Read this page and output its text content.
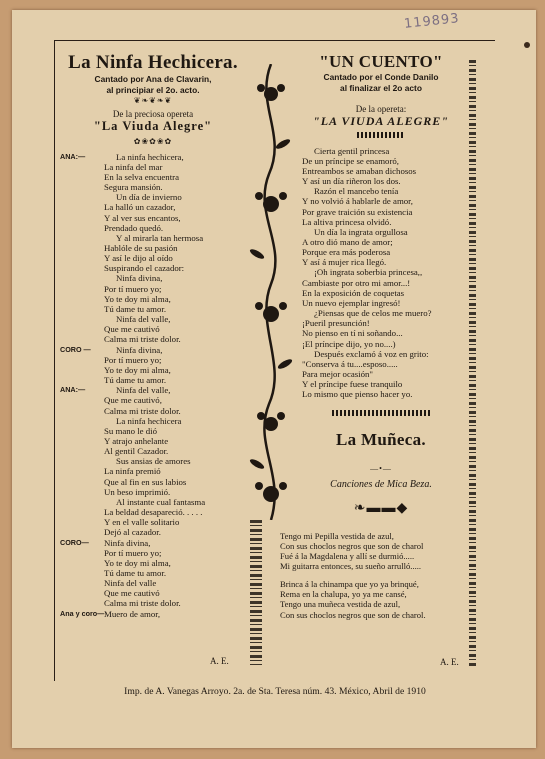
119893
La Ninfa Hechicera.
Cantado por Ana de Clavarin,
al principiar el 2o. acto.
❦❧❦❧❦
De la preciosa opereta
"La Viuda Alegre"
✿❀✿❀✿
ANA:—	La ninfa hechicera,
La ninfa del mar
En la selva encuentra
Segura mansión.
Un día de invierno
La halló un cazador,
Y al ver sus encantos,
Prendado quedó.
Y al mirarla tan hermosa
Hablóle de su pasión
Y así le dijo al oído
Suspirando el cazador:
Ninfa divina,
Por tí muero yo;
Yo te doy mi alma,
Tú dame tu amor.
Ninfa del valle,
Que me cautivó
Calma mi triste dolor.
CORO —	Ninfa divina,
Por tí muero yo;
Yo te doy mi alma,
Tú dame tu amor.
ANA:—	Ninfa del valle,
Que me cautivó,
Calma mi triste dolor.
La ninfa hechicera
Su mano le dió
Y atrajo anhelante
Al gentil Cazador.
Sus ansias de amores
La ninfa premió
Que al fin en sus labios
Un beso imprimió.
Al instante cual fantasma
La beldad desapareció. . . . .
Y en el valle solitario
Dejó al cazador.
CORO— Ninfa divina,
Por tí muero yo;
Yo te doy mi alma,
Tú dame tu amor.
Ninfa del valle
Que me cautivó
Calma mi triste dolor.
Ana y coro— Muero de amor,
A. E.
"UN CUENTO"
Cantado por el Conde Danilo
al finalizar el 2o acto
De la opereta:
"LA VIUDA ALEGRE"
Cierta gentil princesa
De un príncipe se enamoró,
Entreambos se amaban dichosos
Y así un día riñeron los dos.
Razón el mancebo tenía
Y no volvió á hablarle de amor,
Por grave traición su existencia
La altiva princesa olvidó.
Un día la ingrata orgullosa
A otro dió mano de amor;
Porque era más poderosa
Y así á mujer rica llegó.
¡Oh ingrata soberbia princesa,,
Cambiaste por otro mi amor...!
En la exposición de coquetas
Un nuevo ejemplar ingresó!
¿Piensas que de celos me muero?
¡Pueril presunción!
No pienso en tí ni soñando...
¡El príncipe dijo, yo no....)
Después exclamó á voz en grito:
"Conserva á tu....esposo.....
Para mejor ocasión"
Y el príncipe fuese tranquilo
Lo mismo que pienso hacer yo.
La Muñeca.
—•—
Canciones de Mica Beza.
❧▬▬◆
Tengo mi Pepilla vestida de azul,
Con sus choclos negros que son de charol
Fué á la Magdalena y allí se durmió.....
Mi guitarra entonces, su sueño arrulló.....
Brinca á la chinampa que yo ya brinqué,
Rema en la chalupa, yo ya me cansé,
Tengo una muñeca vestida de azul,
Con sus choclos negros que son de charol.
A. E.
Imp. de A. Vanegas Arroyo. 2a. de Sta. Teresa núm. 43. México, Abril de 1910
